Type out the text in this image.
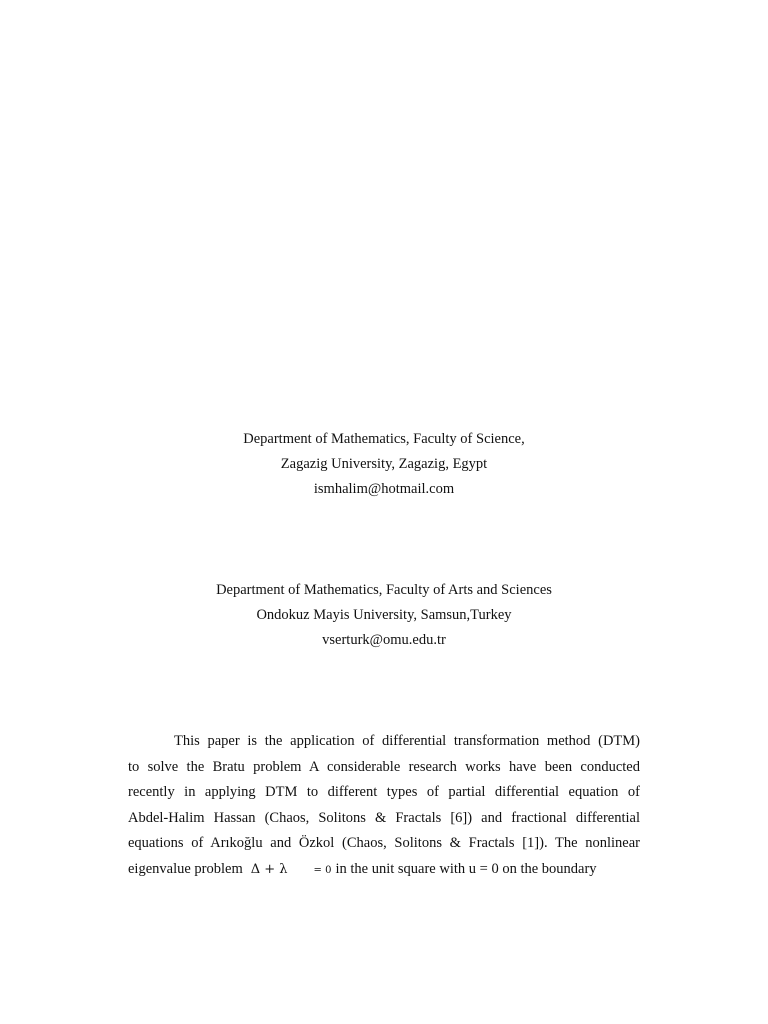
Department of Mathematics, Faculty of Science,
Zagazig University, Zagazig, Egypt
ismhalim@hotmail.com
Department of Mathematics, Faculty of Arts and Sciences
Ondokuz Mayis University, Samsun,Turkey
vserturk@omu.edu.tr
This paper is the application of differential transformation method (DTM)
to solve the Bratu problem A considerable research works have been conducted
recently in applying DTM to different types of partial differential equation of
Abdel-Halim Hassan (Chaos, Solitons & Fractals [6]) and fractional differential
equations of Arıkoğlu and Özkol (Chaos, Solitons & Fractals [1]). The nonlinear
eigenvalue problem Δ + λ	= 0 in the unit square with u = 0 on the boundary
